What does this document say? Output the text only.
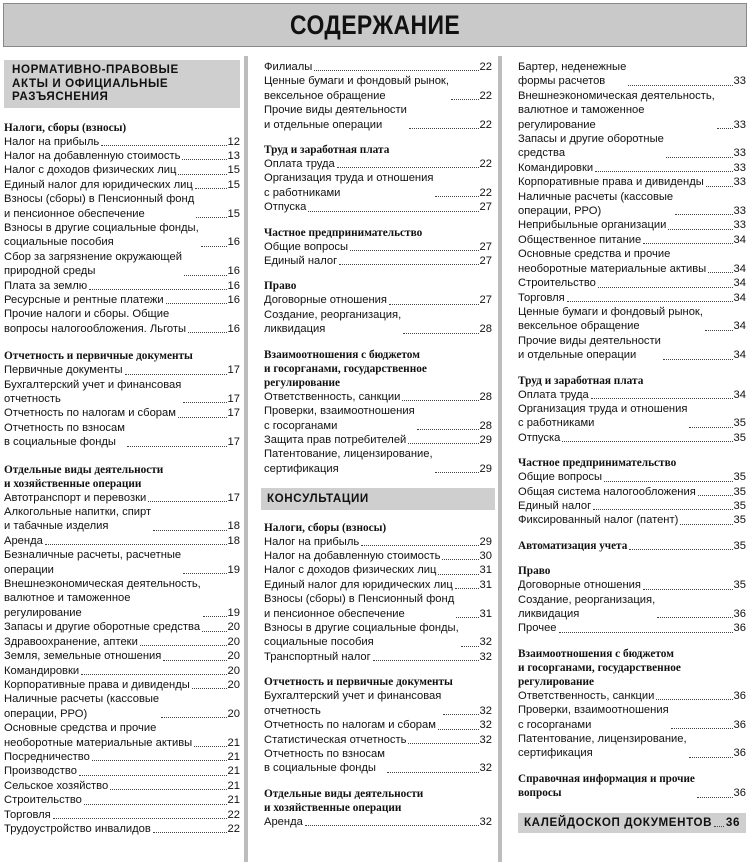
СОДЕРЖАНИЕ
НОРМАТИВНО-ПРАВОВЫЕ
АКТЫ И ОФИЦИАЛЬНЫЕ
РАЗЪЯСНЕНИЯ
Налоги, сборы (взносы)
Налог на прибыль	12
Налог на добавленную стоимость	13
Налог с доходов физических лиц	15
Единый налог для юридических лиц	15
Взносы (сборы) в Пенсионный фонд
и пенсионное обеспечение	15
Взносы в другие социальные фонды,
социальные пособия	16
Сбор за загрязнение окружающей
природной среды	16
Плата за землю	16
Ресурсные и рентные платежи	16
Прочие налоги и сборы. Общие
вопросы налогообложения. Льготы	16
Отчетность и первичные документы
Первичные документы	17
Бухгалтерский учет и финансовая
отчетность	17
Отчетность по налогам и сборам	17
Отчетность по взносам
в социальные фонды	17
Отдельные виды деятельности
и хозяйственные операции
Автотранспорт и перевозки	17
Алкогольные напитки, спирт
и табачные изделия	18
Аренда	18
Безналичные расчеты, расчетные
операции	19
Внешнеэкономическая деятельность,
валютное и таможенное
регулирование	19
Запасы и другие оборотные средства 20
Здравоохранение, аптеки	20
Земля, земельные отношения	20
Командировки	20
Корпоративные права и дивиденды	20
Наличные расчеты (кассовые
операции, РРО)	20
Основные средства и прочие
необоротные материальные активы	21
Посредничество	21
Производство	21
Сельское хозяйство	21
Строительство	21
Торговля	22
Трудоустройство инвалидов	22
Филиалы	22
Ценные бумаги и фондовый рынок,
вексельное обращение	22
Прочие виды деятельности
и отдельные операции	22
Труд и заработная плата
Оплата труда	22
Организация труда и отношения
с работниками	22
Отпуска	27
Частное предпринимательство
Общие вопросы	27
Единый налог	27
Право
Договорные отношения	27
Создание, реорганизация,
ликвидация	28
Взаимоотношения с бюджетом
и госорганами, государственное
регулирование
Ответственность, санкции	28
Проверки, взаимоотношения
с госорганами	28
Защита прав потребителей	29
Патентование, лицензирование,
сертификация	29
КОНСУЛЬТАЦИИ
Налоги, сборы (взносы)
Налог на прибыль	29
Налог на добавленную стоимость	30
Налог с доходов физических лиц	31
Единый налог для юридических лиц 31
Взносы (сборы) в Пенсионный фонд
и пенсионное обеспечение	31
Взносы в другие социальные фонды,
социальные пособия	32
Транспортный налог	32
Отчетность и первичные документы
Бухгалтерский учет и финансовая
отчетность	32
Отчетность по налогам и сборам	32
Статистическая отчетность	32
Отчетность по взносам
в социальные фонды	32
Отдельные виды деятельности
и хозяйственные операции
Аренда	32
Бартер, неденежные
формы расчетов	33
Внешнеэкономическая деятельность,
валютное и таможенное
регулирование	33
Запасы и другие оборотные
средства	33
Командировки	33
Корпоративные права и дивиденды	33
Наличные расчеты (кассовые
операции, РРО)	33
Неприбыльные организации	33
Общественное питание	34
Основные средства и прочие
необоротные материальные активы 34
Строительство	34
Торговля	34
Ценные бумаги и фондовый рынок,
вексельное обращение	34
Прочие виды деятельности
и отдельные операции	34
Труд и заработная плата
Оплата труда	34
Организация труда и отношения
с работниками	35
Отпуска	35
Частное предпринимательство
Общие вопросы	35
Общая система налогообложения	35
Единый налог	35
Фиксированный налог (патент)	35
Автоматизация учета	35
Право
Договорные отношения	35
Создание, реорганизация,
ликвидация	36
Прочее	36
Взаимоотношения с бюджетом
и госорганами, государственное
регулирование
Ответственность, санкции	36
Проверки, взаимоотношения
с госорганами	36
Патентование, лицензирование,
сертификация	36
Справочная информация и прочие
вопросы	36
КАЛЕЙДОСКОП ДОКУМЕНТОВ 36
